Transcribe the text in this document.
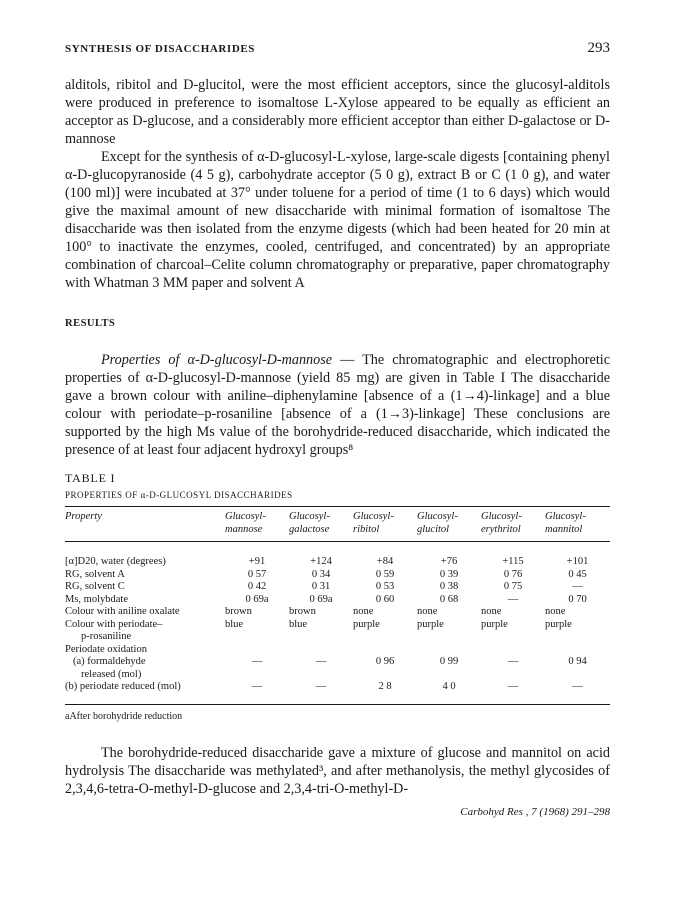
SYNTHESIS OF DISACCHARIDES	293

alditols, ribitol and D-glucitol, were the most efficient acceptors, since the glucosyl-alditols were produced in preference to isomaltose L-Xylose appeared to be equally as efficient an acceptor as D-glucose, and a considerably more efficient acceptor than either D-galactose or D-mannose

Except for the synthesis of α-D-glucosyl-L-xylose, large-scale digests [containing phenyl α-D-glucopyranoside (4 5 g), carbohydrate acceptor (5 0 g), extract B or C (1 0 g), and water (100 ml)] were incubated at 37° under toluene for a period of time (1 to 6 days) which would give the maximal amount of new disaccharide with minimal formation of isomaltose The disaccharide was then isolated from the enzyme digests (which had been heated for 20 min at 100° to inactivate the enzymes, cooled, centrifuged, and concentrated) by an appropriate combination of charcoal–Celite column chromatography or preparative, paper chromatography with Whatman 3 MM paper and solvent A

RESULTS

Properties of α-D-glucosyl-D-mannose — The chromatographic and electrophoretic properties of α-D-glucosyl-D-mannose (yield 85 mg) are given in Table I The disaccharide gave a brown colour with aniline–diphenylamine [absence of a (1→4)-linkage] and a blue colour with periodate–p-rosaniline [absence of a (1→3)-linkage] These conclusions are supported by the high Ms value of the borohydride-reduced disaccharide, which indicated the presence of at least four adjacent hydroxyl groups⁸

TABLE I
PROPERTIES OF α-D-GLUCOSYL DISACCHARIDES
Property	Glucosyl-mannose	Glucosyl-galactose	Glucosyl-ribitol	Glucosyl-glucitol	Glucosyl-erythritol	Glucosyl-mannitol
[α]D20, water (degrees)	+91	+124	+84	+76	+115	+101
RG, solvent A	0 57	0 34	0 59	0 39	0 76	0 45
RG, solvent C	0 42	0 31	0 53	0 38	0 75	—
Ms, molybdate	0 69a	0 69a	0 60	0 68	—	0 70
Colour with aniline oxalate	brown	brown	none	none	none	none
Colour with periodate–
p-rosaniline	blue	blue	purple	purple	purple	purple
Periodate oxidation						
(a) formaldehyde
released (mol)	—	—	0 96	0 99	—	0 94
(b) periodate reduced (mol)	—	—	2 8	4 0	—	—
aAfter borohydride reduction

The borohydride-reduced disaccharide gave a mixture of glucose and mannitol on acid hydrolysis The disaccharide was methylated³, and after methanolysis, the methyl glycosides of 2,3,4,6-tetra-O-methyl-D-glucose and 2,3,4-tri-O-methyl-D-

Carbohyd Res , 7 (1968) 291–298
